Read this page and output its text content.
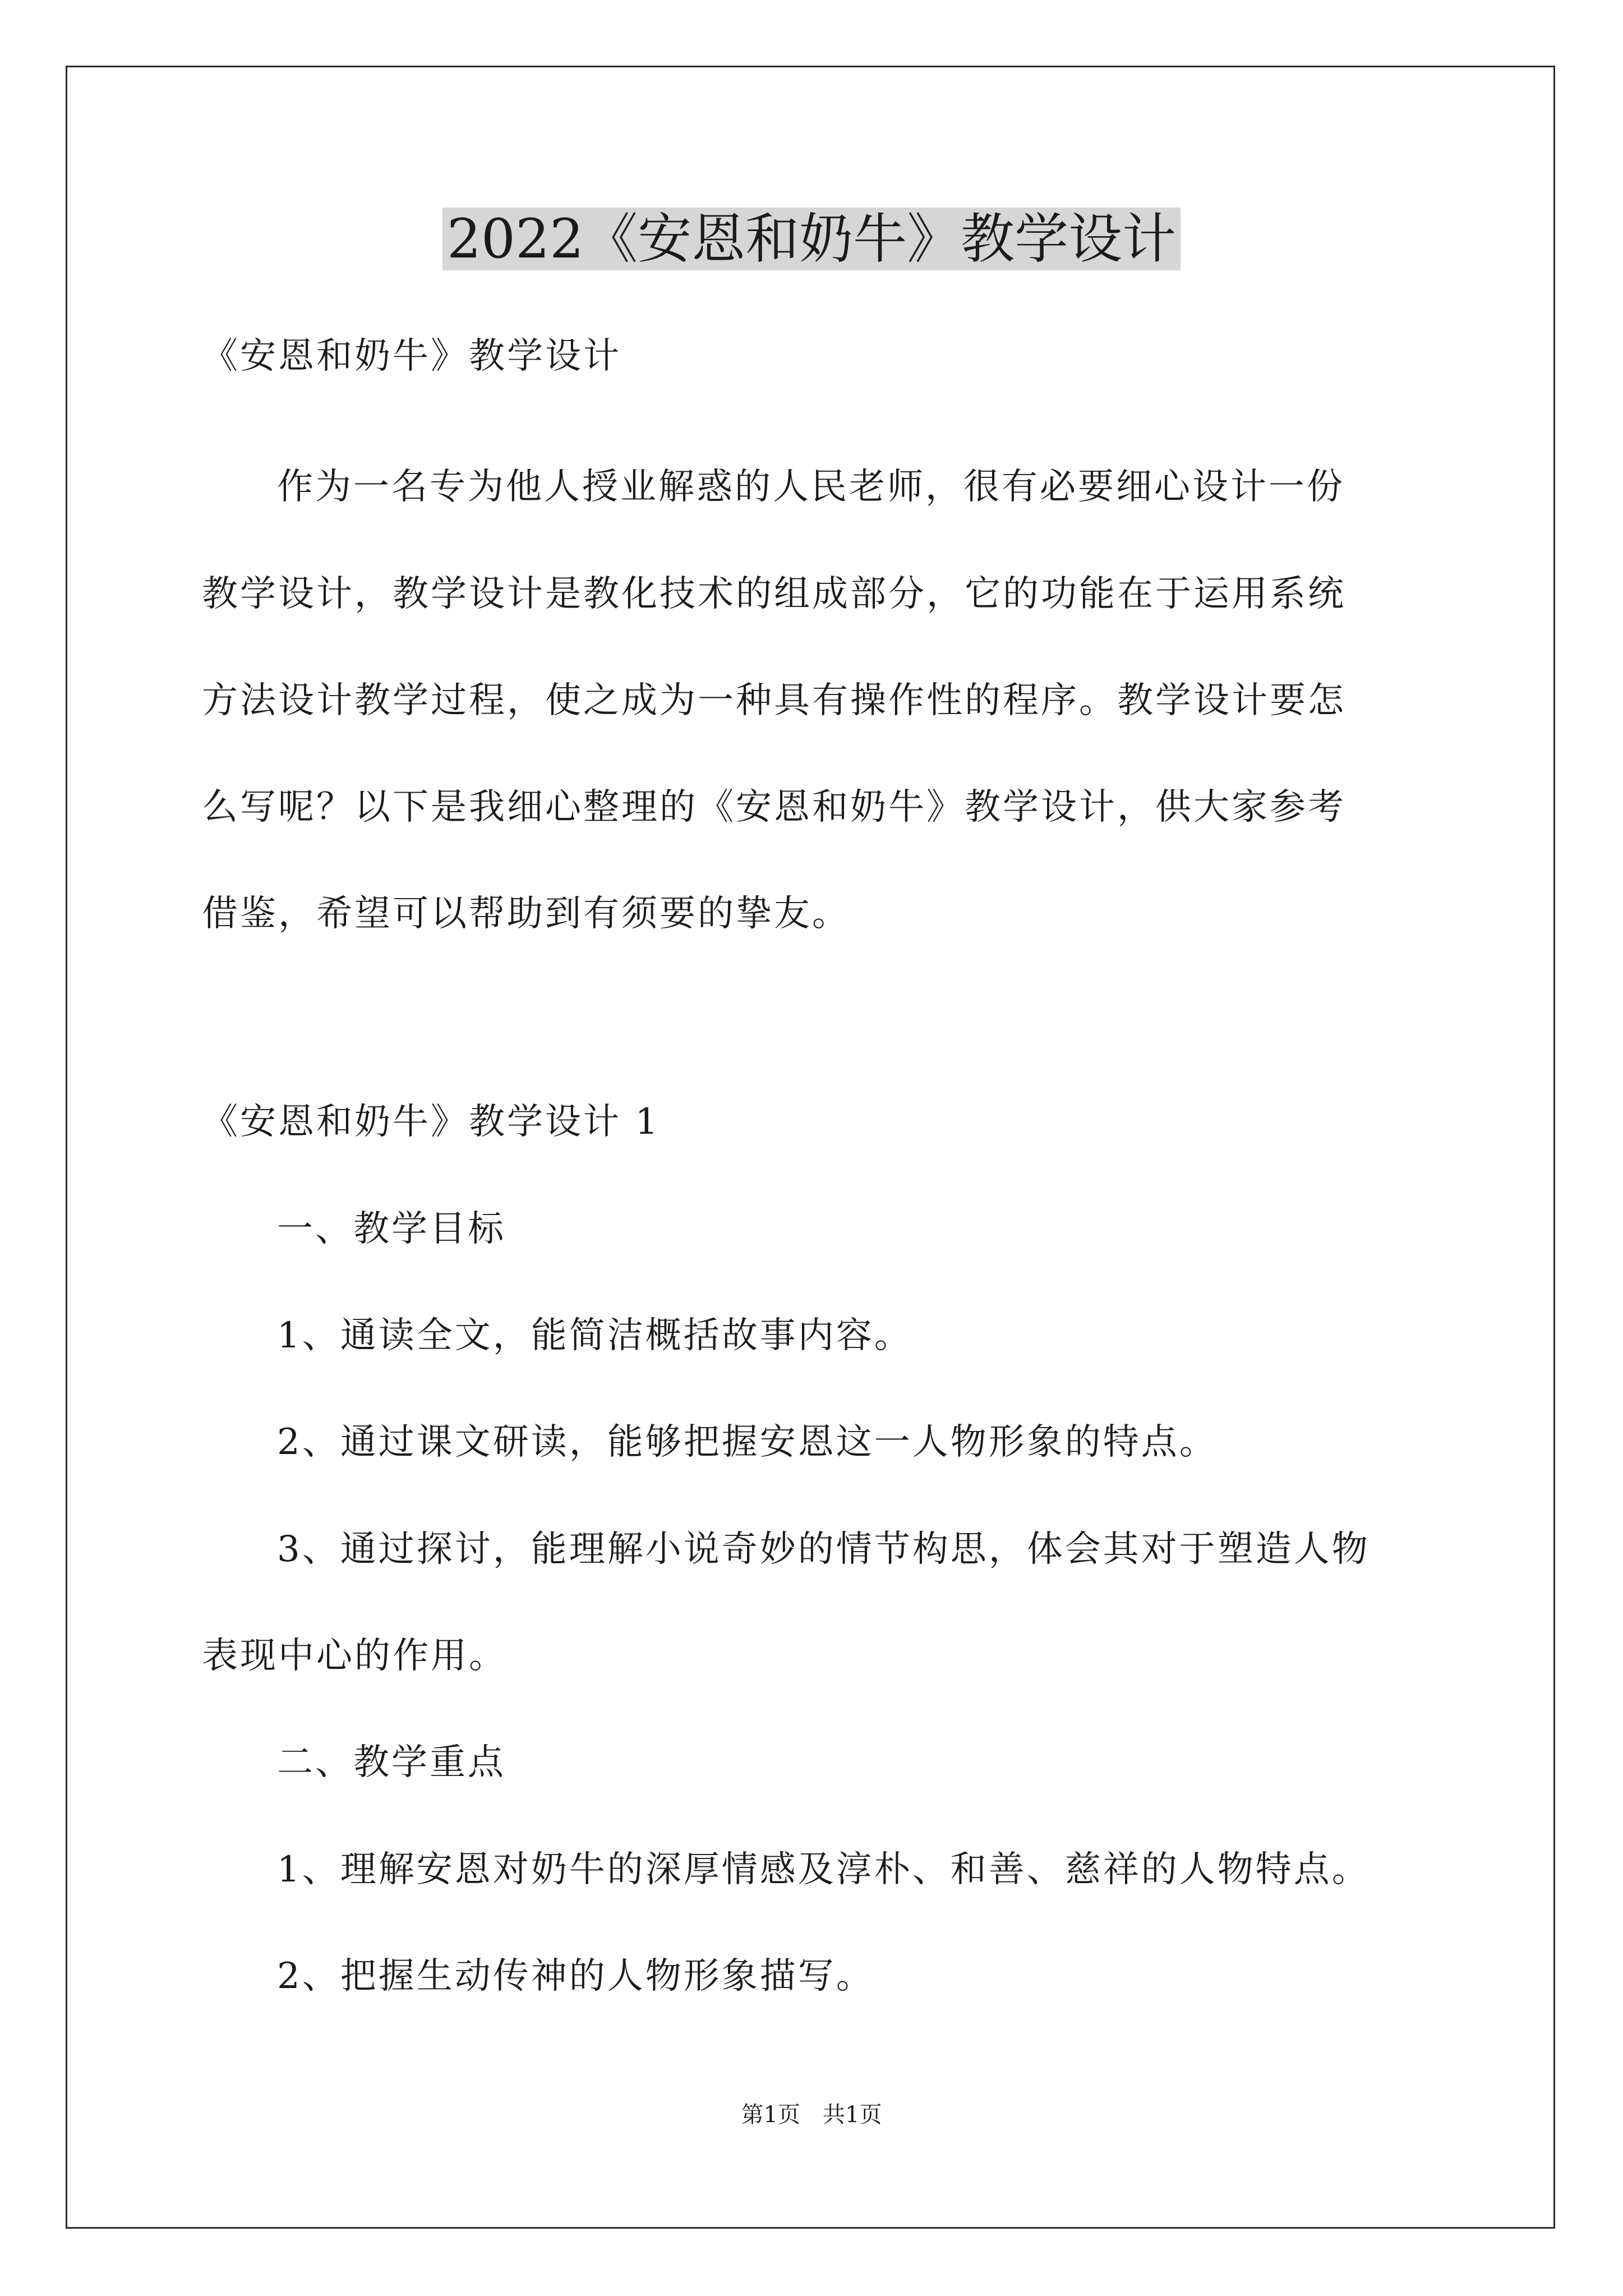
2022《安恩和奶牛》教学设计
《安恩和奶牛》教学设计
作为一名专为他人授业解惑的人民老师，很有必要细心设计一份
教学设计，教学设计是教化技术的组成部分，它的功能在于运用系统
方法设计教学过程，使之成为一种具有操作性的程序。教学设计要怎
么写呢？以下是我细心整理的《安恩和奶牛》教学设计，供大家参考
借鉴，希望可以帮助到有须要的挚友。
《安恩和奶牛》教学设计 1
一、教学目标
1、通读全文，能简洁概括故事内容。
2、通过课文研读，能够把握安恩这一人物形象的特点。
3、通过探讨，能理解小说奇妙的情节构思，体会其对于塑造人物
表现中心的作用。
二、教学重点
1、理解安恩对奶牛的深厚情感及淳朴、和善、慈祥的人物特点。
2、把握生动传神的人物形象描写。
第1页　共1页
